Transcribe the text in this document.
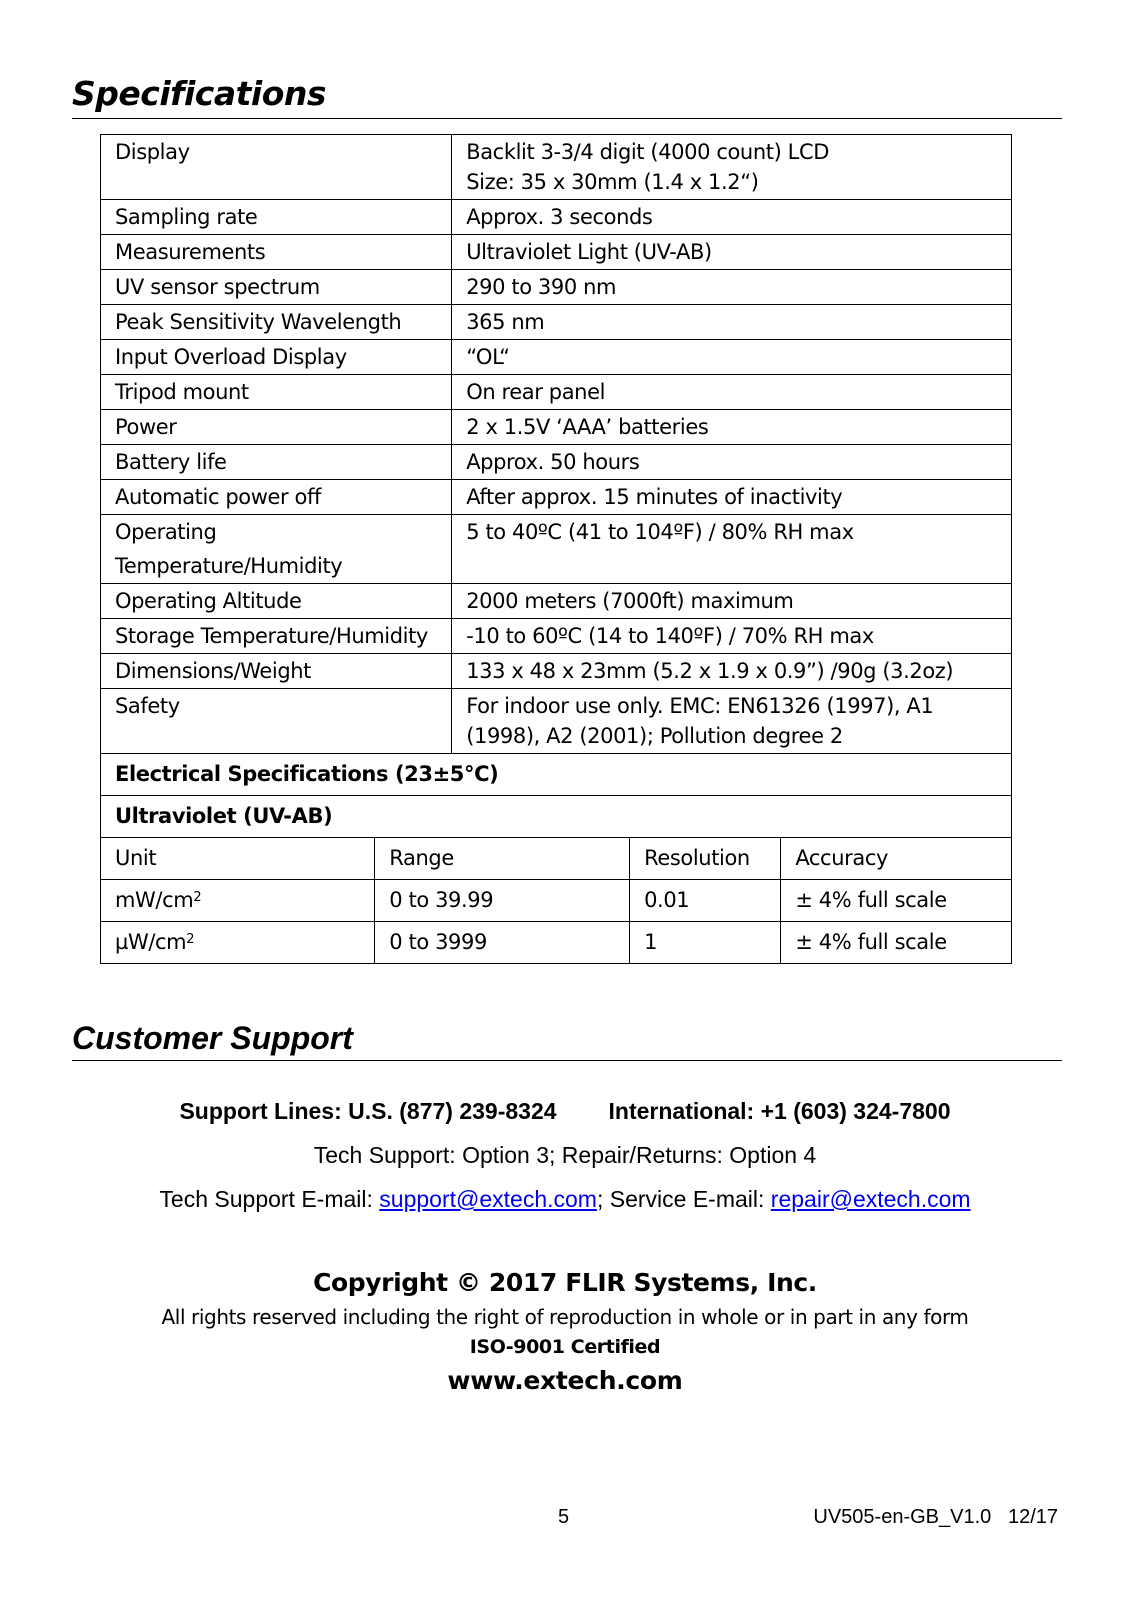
Specifications
Display		Backlit 3-3/4 digit (4000 count) LCD
Size: 35 x 30mm (1.4 x 1.2“)		

Sampling rate		Approx. 3 seconds		
Measurements		Ultraviolet Light (UV-AB)		
UV sensor spectrum		290 to 390 nm		
Peak Sensitivity Wavelength		365 nm		
Input Overload Display		“OL“		
Tripod mount		On rear panel		
Power		2 x 1.5V ‘AAA’ batteries		
Battery life		Approx. 50 hours		
Automatic power off		After approx. 15 minutes of inactivity		
Operating Temperature/Humidity		5 to 40ºC (41 to 104ºF) / 80% RH max		
Operating Altitude		2000 meters (7000ft) maximum		
Storage Temperature/Humidity		-10 to 60ºC (14 to 140ºF) / 70% RH max		
Dimensions/Weight		133 x 48 x 23mm (5.2 x 1.9 x 0.9”) /90g (3.2oz)		
Safety		For indoor use only. EMC: EN61326 (1997), A1
(1998), A2 (2001); Pollution degree 2		

Electrical Specifications (23±5°C)				
Ultraviolet (UV-AB)				
Unit	Range		Resolution	Accuracy
$mW/cm^2$	0 to 39.99		0.01	± 4% full scale
$\mu W/cm^2$	0 to 3999		1	± 4% full scale
Customer Support
Support Lines: U.S. (877) 239-8324 International: +1 (603) 324-7800
Tech Support: Option 3; Repair/Returns: Option 4
Tech Support E-mail: support@extech.com; Service E-mail: repair@extech.com
Copyright © 2017 FLIR Systems, Inc.
All rights reserved including the right of reproduction in whole or in part in any form
ISO-9001 Certified
www.extech.com
5	UV505-en-GB_V1.0   12/17
